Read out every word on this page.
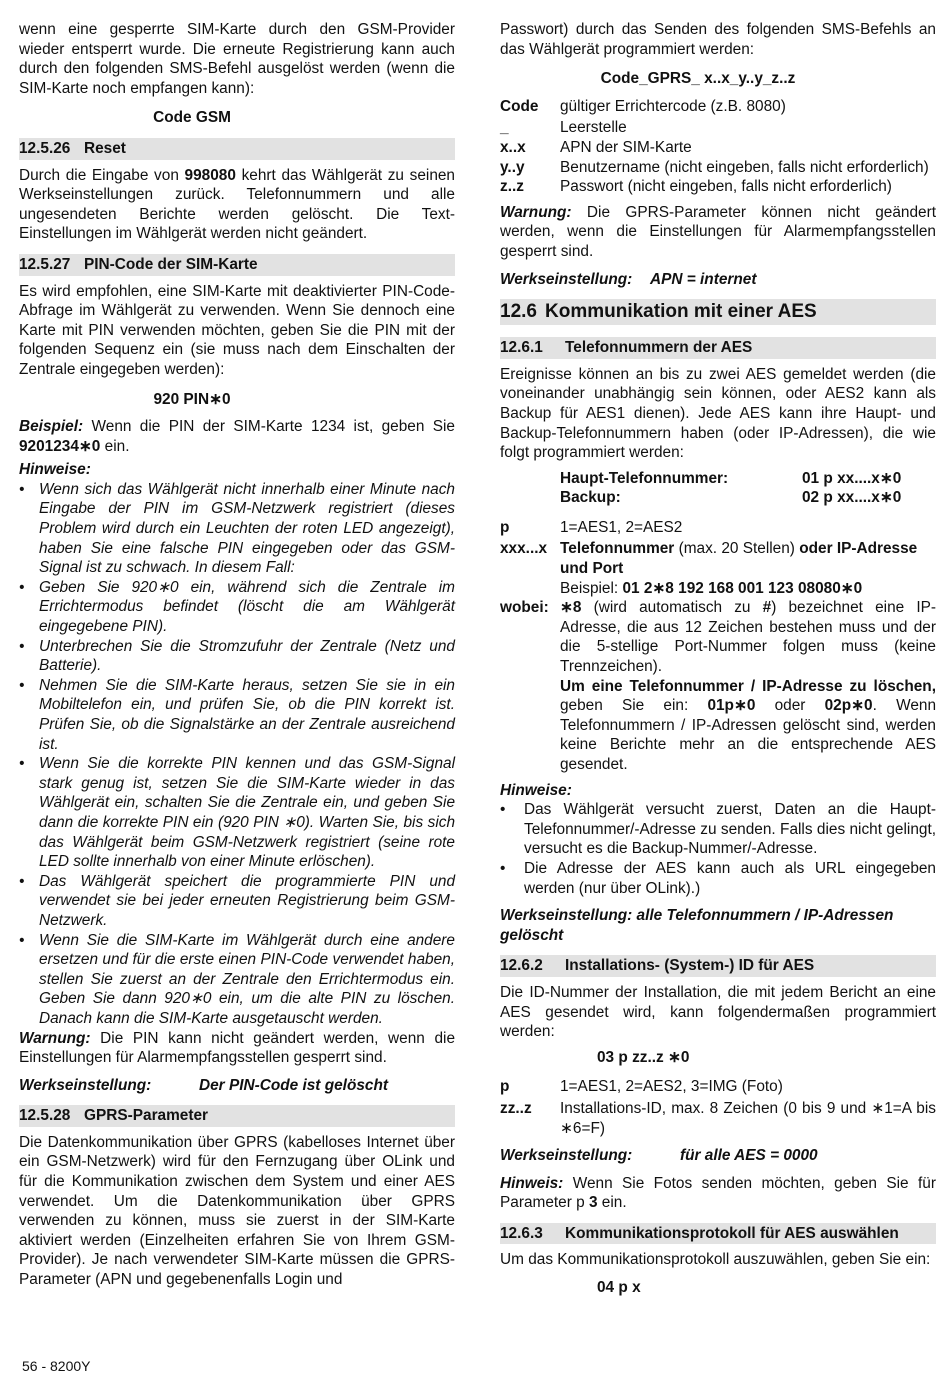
wenn eine gesperrte SIM-Karte durch den GSM-Provider wieder entsperrt wurde. Die erneute Registrierung kann auch durch den folgenden SMS-Befehl ausgelöst werden (wenn die SIM-Karte noch empfangen kann):

Code GSM
12.5.26 Reset

Durch die Eingabe von 998080 kehrt das Wählgerät zu seinen Werkseinstellungen zurück. Telefonnummern und alle ungesendeten Berichte werden gelöscht. Die Text-Einstellungen im Wählgerät werden nicht geändert.

12.5.27 PIN-Code der SIM-Karte

Es wird empfohlen, eine SIM-Karte mit deaktivierter PIN-Code-Abfrage im Wählgerät zu verwenden. Wenn Sie dennoch eine Karte mit PIN verwenden möchten, geben Sie die PIN mit der folgenden Sequenz ein (sie muss nach dem Einschalten der Zentrale eingegeben werden):

920 PIN∗0

Beispiel: Wenn die PIN der SIM-Karte 1234 ist, geben Sie 9201234∗0 ein.

Hinweise:
• Wenn sich das Wählgerät nicht innerhalb einer Minute nach Eingabe der PIN im GSM-Netzwerk registriert (dieses Problem wird durch ein Leuchten der roten LED angezeigt), haben Sie eine falsche PIN eingegeben oder das GSM-Signal ist zu schwach. In diesem Fall:
• Geben Sie 920∗0 ein, während sich die Zentrale im Errichtermodus befindet (löscht die am Wählgerät eingegebene PIN).
• Unterbrechen Sie die Stromzufuhr der Zentrale (Netz und Batterie).
• Nehmen Sie die SIM-Karte heraus, setzen Sie sie in ein Mobiltelefon ein, und prüfen Sie, ob die PIN korrekt ist. Prüfen Sie, ob die Signalstärke an der Zentrale ausreichend ist.
• Wenn Sie die korrekte PIN kennen und das GSM-Signal stark genug ist, setzen Sie die SIM-Karte wieder in das Wählgerät ein, schalten Sie die Zentrale ein, und geben Sie dann die korrekte PIN ein (920 PIN ∗0). Warten Sie, bis sich das Wählgerät beim GSM-Netzwerk registriert (seine rote LED sollte innerhalb von einer Minute erlöschen).
• Das Wählgerät speichert die programmierte PIN und verwendet sie bei jeder erneuten Registrierung beim GSM-Netzwerk.
• Wenn Sie die SIM-Karte im Wählgerät durch eine andere ersetzen und für die erste einen PIN-Code verwendet haben, stellen Sie zuerst an der Zentrale den Errichtermodus ein. Geben Sie dann 920∗0 ein, um die alte PIN zu löschen. Danach kann die SIM-Karte ausgetauscht werden.

Warnung: Die PIN kann nicht geändert werden, wenn die Einstellungen für Alarmempfangsstellen gesperrt sind.

Werkseinstellung:	Der PIN-Code ist gelöscht
12.5.28 GPRS-Parameter

Die Datenkommunikation über GPRS (kabelloses Internet über ein GSM-Netzwerk) wird für den Fernzugang über OLink und für die Kommunikation zwischen dem System und einer AES verwendet. Um die Datenkommunikation über GPRS verwenden zu können, muss sie zuerst in der SIM-Karte aktiviert werden (Einzelheiten erfahren Sie von Ihrem GSM-Provider). Je nach verwendeter SIM-Karte müssen die GPRS-Parameter (APN und gegebenenfalls Login und

Passwort) durch das Senden des folgenden SMS-Befehls an das Wählgerät programmiert werden:

Code_GPRS_ x..x_y..y_z..z
Code	gültiger Errichtercode (z.B. 8080)
_	Leerstelle
x..x	APN der SIM-Karte
y..y	Benutzername (nicht eingeben, falls nicht erforderlich)
z..z	Passwort (nicht eingeben, falls nicht erforderlich)

Warnung: Die GPRS-Parameter können nicht geändert werden, wenn die Einstellungen für Alarmempfangsstellen gesperrt sind.

Werkseinstellung: APN = internet
12.6 Kommunikation mit einer AES
12.6.1 Telefonnummern der AES

Ereignisse können an bis zu zwei AES gemeldet werden (die voneinander unabhängig sein können, oder AES2 kann als Backup für AES1 dienen). Jede AES kann ihre Haupt- und Backup-Telefonnummern haben (oder IP-Adressen), die wie folgt programmiert werden:

Haupt-Telefonnummer:	01 p xx....x∗0
Backup:	02 p xx....x∗0
p	1=AES1, 2=AES2
xxx...x Telefonnummer (max. 20 Stellen) oder IP-Adresse und Port
Beispiel: 01 2∗8 192 168 001 123 08080∗0
wobei: ∗8 (wird automatisch zu #) bezeichnet eine IP-Adresse, die aus 12 Zeichen bestehen muss und der die 5-stellige Port-Nummer folgen muss (keine Trennzeichen).
Um eine Telefonnummer / IP-Adresse zu löschen, geben Sie ein: 01p∗0 oder 02p∗0. Wenn Telefonnummern / IP-Adressen gelöscht sind, werden keine Berichte mehr an die entsprechende AES gesendet.
Hinweise:
• Das Wählgerät versucht zuerst, Daten an die Haupt-Telefonnummer/-Adresse zu senden. Falls dies nicht gelingt, versucht es die Backup-Nummer/-Adresse.
• Die Adresse der AES kann auch als URL eingegeben werden (nur über OLink).)
Werkseinstellung: alle Telefonnummern / IP-Adressen gelöscht
12.6.2 Installations- (System-) ID für AES

Die ID-Nummer der Installation, die mit jedem Bericht an eine AES gesendet wird, kann folgendermaßen programmiert werden:

03 p zz..z ∗0
p	1=AES1, 2=AES2, 3=IMG (Foto)
zz..z	Installations-ID, max. 8 Zeichen (0 bis 9 und ∗1=A bis ∗6=F)
Werkseinstellung:	für alle AES = 0000

Hinweis: Wenn Sie Fotos senden möchten, geben Sie für Parameter p 3 ein.

12.6.3 Kommunikationsprotokoll für AES auswählen

Um das Kommunikationsprotokoll auszuwählen, geben Sie ein:

04 p x
56 - 8200Y
